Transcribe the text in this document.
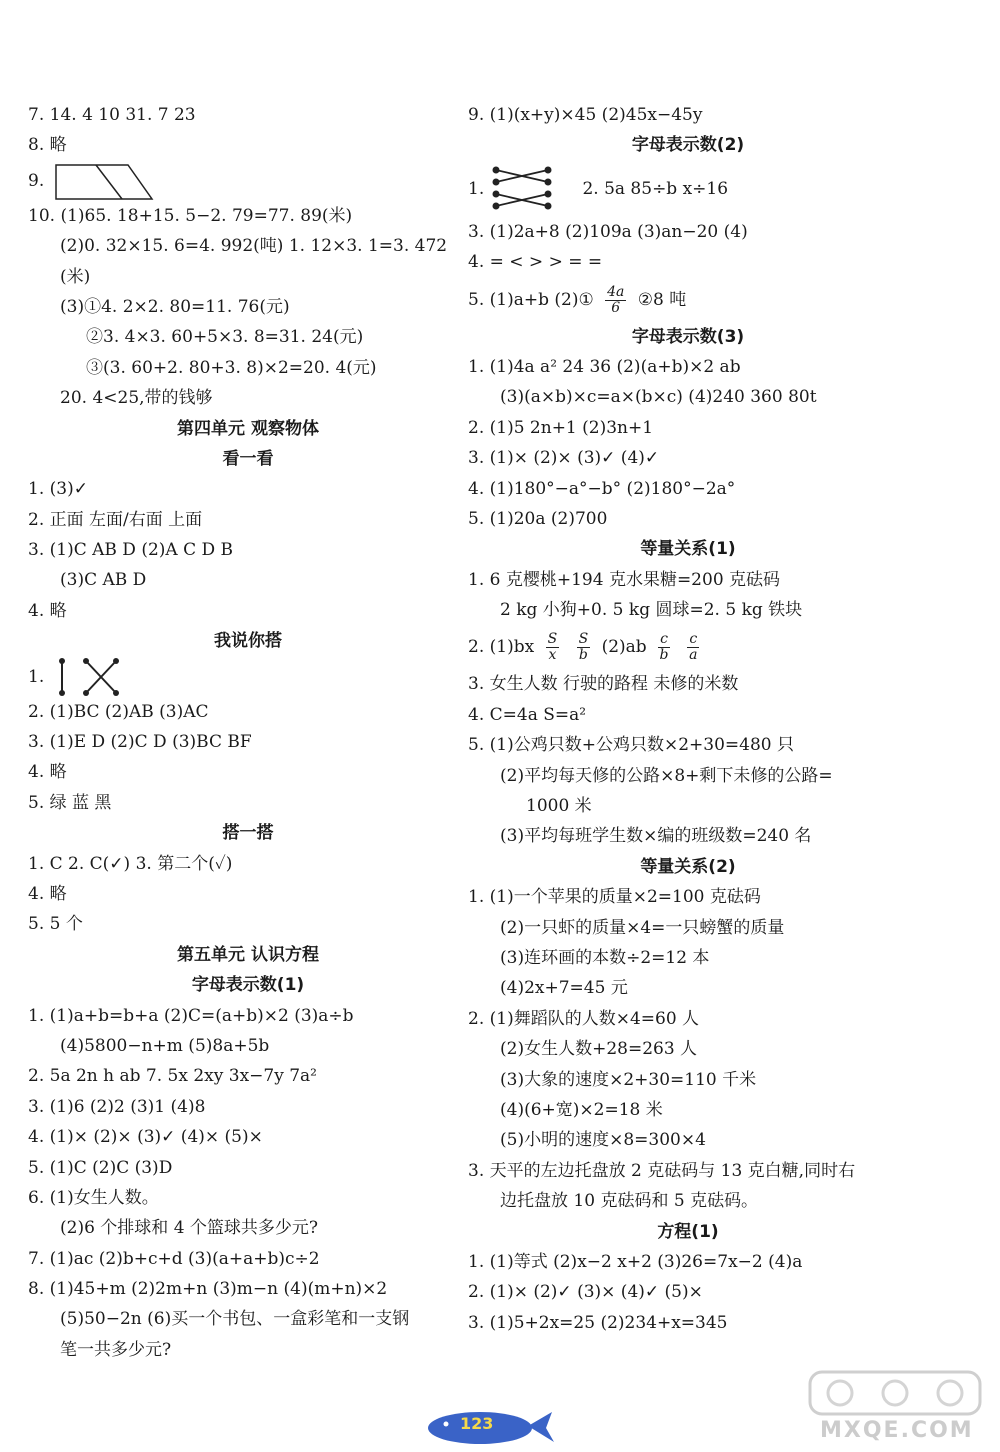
7. 14. 4 10 31. 7 23
8. 略
9.
10. (1)65. 18+15. 5−2. 79=77. 89(米)
(2)0. 32×15. 6=4. 992(吨) 1. 12×3. 1=3. 472
(米)
(3)①4. 2×2. 80=11. 76(元)
②3. 4×3. 60+5×3. 8=31. 24(元)
③(3. 60+2. 80+3. 8)×2=20. 4(元)
20. 4<25,带的钱够
第四单元 观察物体
看一看
1. (3)✓
2. 正面 左面/右面 上面
3. (1)C AB D (2)A C D B
(3)C AB D
4. 略
我说你搭
1.
2. (1)BC (2)AB (3)AC
3. (1)E D (2)C D (3)BC BF
4. 略
5. 绿 蓝 黑
搭一搭
1. C 2. C(✓) 3. 第二个(✓)
4. 略
5. 5 个
第五单元 认识方程
字母表示数(1)
1. (1)a+b=b+a (2)C=(a+b)×2 (3)a÷b
(4)5800−n+m (5)8a+5b
2. 5a 2n h ab 7. 5x 2xy 3x−7y 7a²
3. (1)6 (2)2 (3)1 (4)8
4. (1)× (2)× (3)✓ (4)× (5)×
5. (1)C (2)C (3)D
6. (1)女生人数。
(2)6 个排球和 4 个篮球共多少元?
7. (1)ac (2)b+c+d (3)(a+a+b)c÷2
8. (1)45+m (2)2m+n (3)m−n (4)(m+n)×2
(5)50−2n (6)买一个书包、一盒彩笔和一支钢
笔一共多少元?
9. (1)(x+y)×45 (2)45x−45y
字母表示数(2)
1.	2. 5a 85÷b x÷16
3. (1)2a+8 (2)109a (3)an−20 (4)
4. = < > > = =
5. (1)a+b (2)① $\frac{4a}{6}$ ②8 吨
字母表示数(3)
1. (1)4a a² 24 36 (2)(a+b)×2 ab
(3)(a×b)×c=a×(b×c) (4)240 360 80t
2. (1)5 2n+1 (2)3n+1
3. (1)× (2)× (3)✓ (4)✓
4. (1)180°−a°−b° (2)180°−2a°
5. (1)20a (2)700
等量关系(1)
1. 6 克樱桃+194 克水果糖=200 克砝码
2 kg 小狗+0. 5 kg 圆球=2. 5 kg 铁块
2. $(1)bx \frac{S}{x}$
$\frac{S}{b} (2)ab \frac{c}{b}$
$\frac{c}{a}$
3. 女生人数 行驶的路程 未修的米数
4. C=4a S=a²
5. (1)公鸡只数+公鸡只数×2+30=480 只
(2)平均每天修的公路×8+剩下未修的公路=
1000 米
(3)平均每班学生数×编的班级数=240 名
等量关系(2)
1. (1)一个苹果的质量×2=100 克砝码
(2)一只虾的质量×4=一只螃蟹的质量
(3)连环画的本数÷2=12 本
(4)2x+7=45 元
2. (1)舞蹈队的人数×4=60 人
(2)女生人数+28=263 人
(3)大象的速度×2+30=110 千米
(4)(6+宽)×2=18 米
(5)小明的速度×8=300×4
3. 天平的左边托盘放 2 克砝码与 13 克白糖,同时右
边托盘放 10 克砝码和 5 克砝码。
方程(1)
1. (1)等式 (2)x−2 x+2 (3)26=7x−2 (4)a
2. (1)× (2)✓ (3)× (4)✓ (5)×
3. (1)5+2x=25 (2)234+x=345
123	MXQE.COM
